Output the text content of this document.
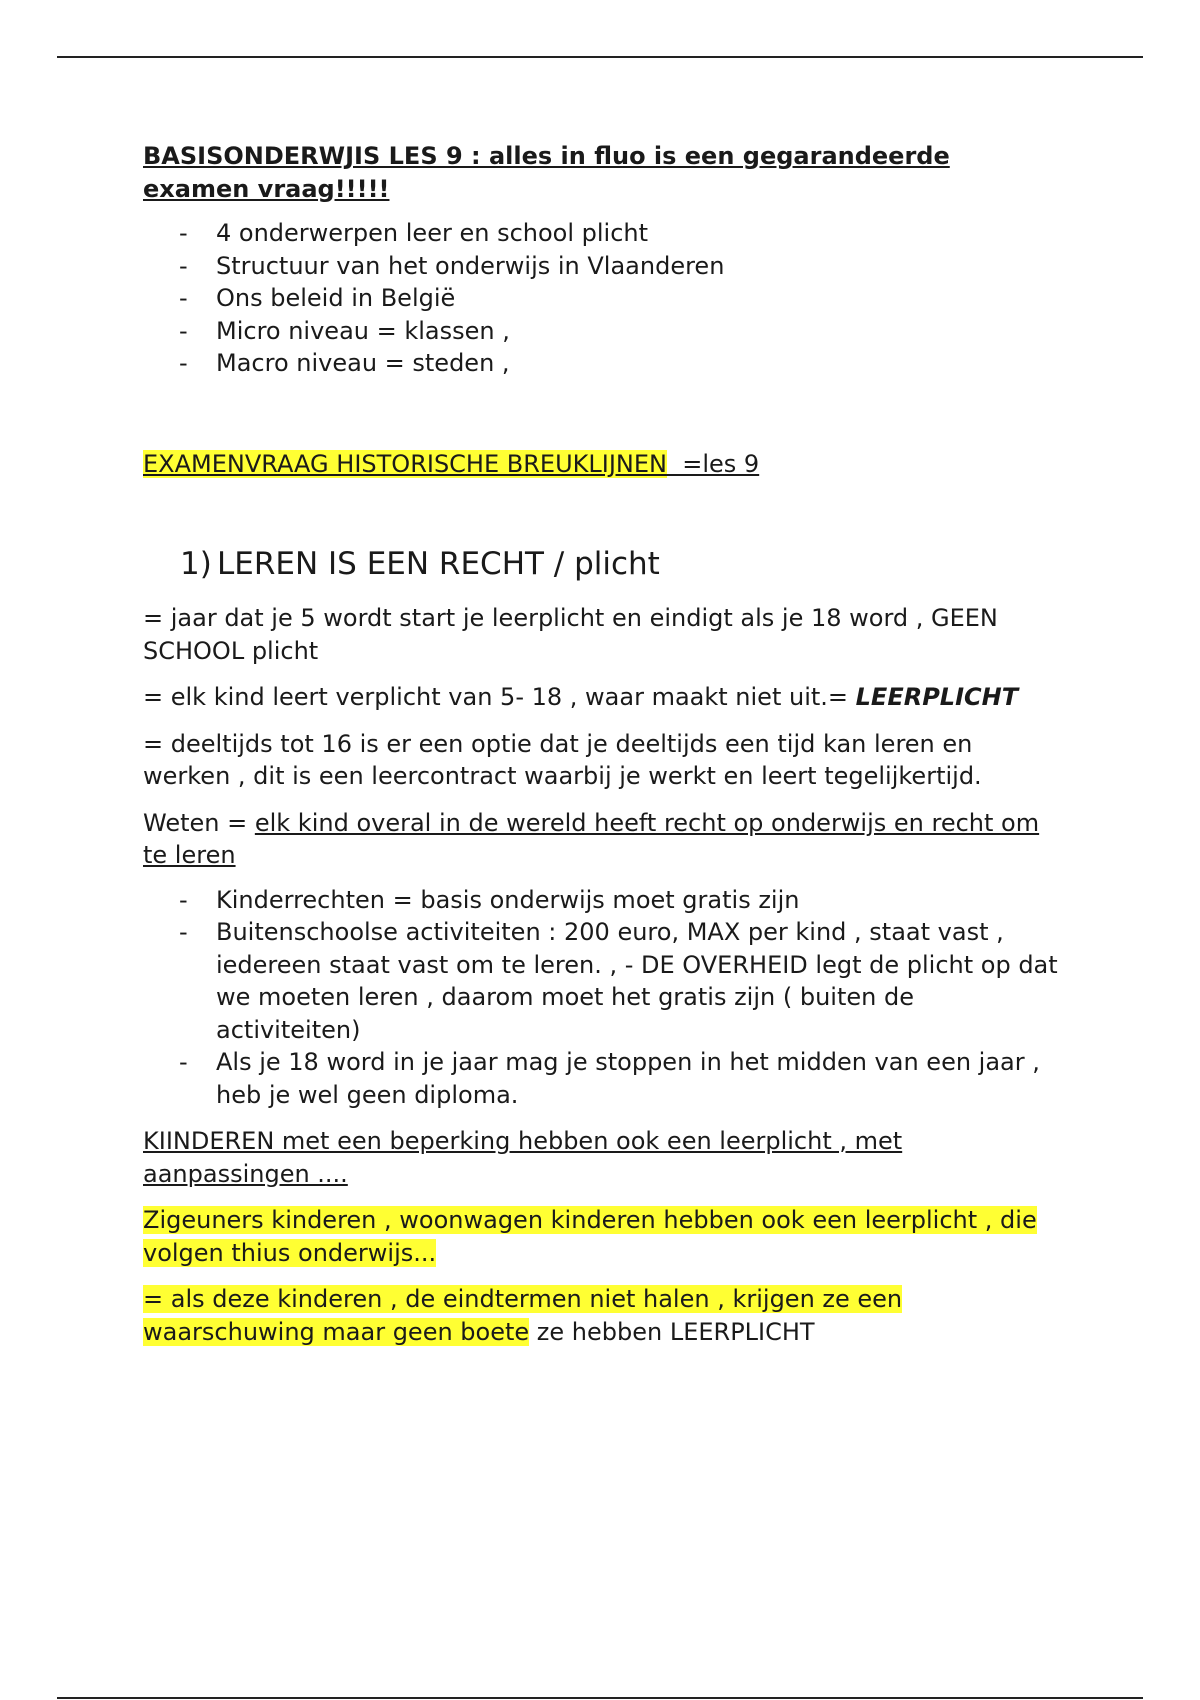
BASISONDERWJIS LES 9 : alles in fluo is een gegarandeerde examen vraag!!!!!

- 4 onderwerpen leer en school plicht
- Structuur van het onderwijs in Vlaanderen
- Ons beleid in België
- Micro niveau = klassen ,
- Macro niveau = steden ,
EXAMENVRAAG HISTORISCHE BREUKLIJNEN  =les 9
1) LEREN IS EEN RECHT / plicht

= jaar dat je 5 wordt start je leerplicht en eindigt als je 18 word , GEEN SCHOOL plicht

= elk kind leert verplicht van 5- 18 , waar maakt niet uit.= LEERPLICHT

= deeltijds tot 16 is er een optie dat je deeltijds een tijd kan leren en werken , dit is een leercontract waarbij je werkt en leert tegelijkertijd.

Weten = elk kind overal in de wereld heeft recht op onderwijs en recht om te leren

- Kinderrechten = basis onderwijs moet gratis zijn
- Buitenschoolse activiteiten : 200 euro, MAX per kind , staat vast , iedereen staat vast om te leren. , - DE OVERHEID legt de plicht op dat we moeten leren , daarom moet het gratis zijn ( buiten de activiteiten)
- Als je 18 word in je jaar mag je stoppen in het midden van een jaar , heb je wel geen diploma.

KIINDEREN met een beperking hebben ook een leerplicht , met aanpassingen ....

Zigeuners kinderen , woonwagen kinderen hebben ook een leerplicht , die volgen thius onderwijs...

= als deze kinderen , de eindtermen niet halen , krijgen ze een waarschuwing maar geen boete ze hebben LEERPLICHT
